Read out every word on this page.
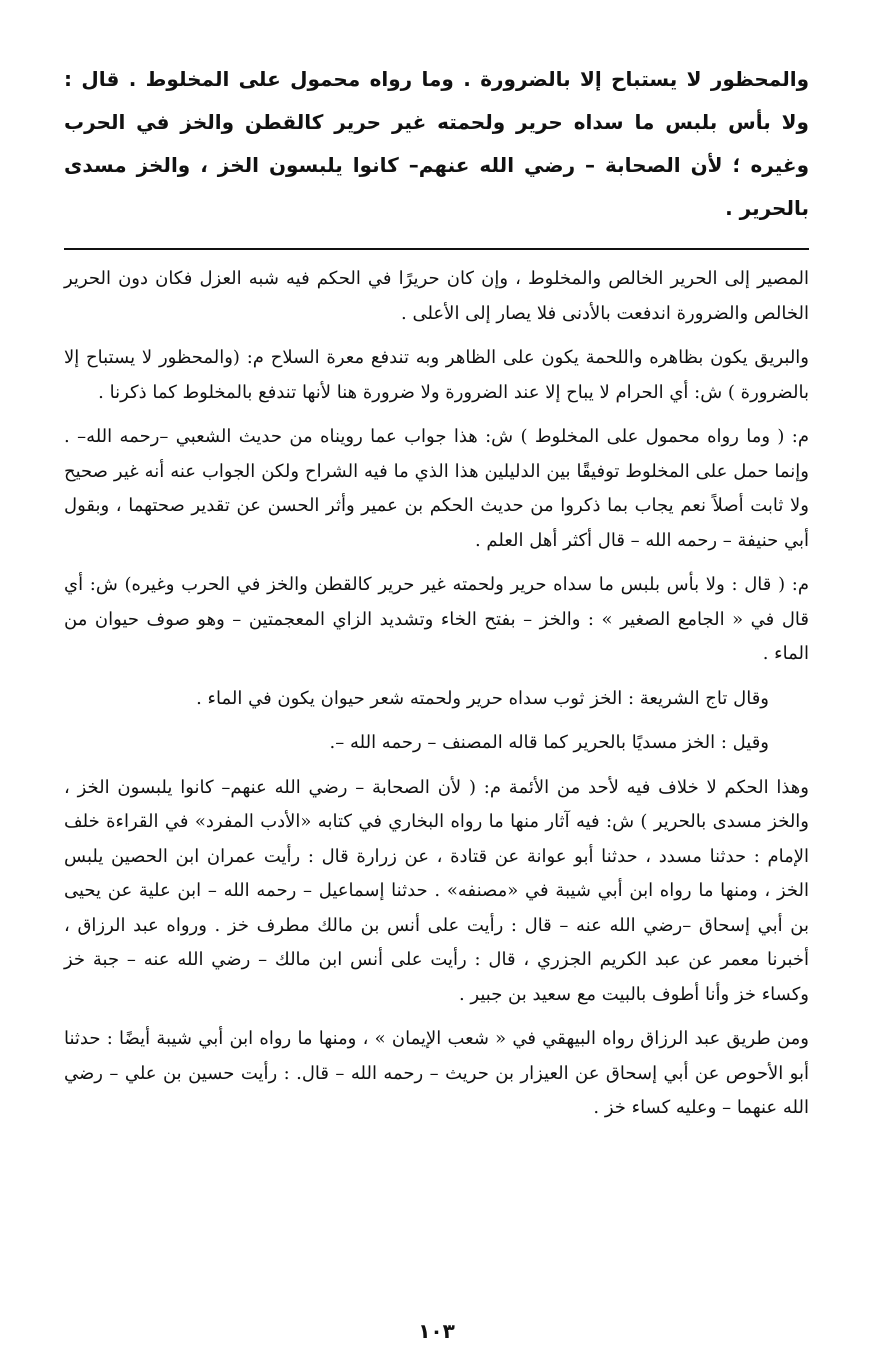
والمحظور لا يستباح إلا بالضرورة . وما رواه محمول على المخلوط . قال : ولا بأس بلبس ما سداه حرير ولحمته غير حرير كالقطن والخز في الحرب وغيره ؛ لأن الصحابة – رضي الله عنهم– كانوا يلبسون الخز ، والخز مسدى بالحرير .

المصير إلى الحرير الخالص والمخلوط ، وإن كان حريرًا في الحكم فيه شبه العزل فكان دون الحرير الخالص والضرورة اندفعت بالأدنى فلا يصار إلى الأعلى .

والبريق يكون بظاهره واللحمة يكون على الظاهر وبه تندفع معرة السلاح م: (والمحظور لا يستباح إلا بالضرورة ) ش: أي الحرام لا يباح إلا عند الضرورة ولا ضرورة هنا لأنها تندفع بالمخلوط كما ذكرنا .

م: ( وما رواه محمول على المخلوط ) ش: هذا جواب عما رويناه من حديث الشعبي –رحمه الله– . وإنما حمل على المخلوط توفيقًا بين الدليلين هذا الذي ما فيه الشراح ولكن الجواب عنه أنه غير صحيح ولا ثابت أصلاً نعم يجاب بما ذكروا من حديث الحكم بن عمير وأثر الحسن عن تقدير صحتهما ، وبقول أبي حنيفة – رحمه الله – قال أكثر أهل العلم .

م: ( قال : ولا بأس بلبس ما سداه حرير ولحمته غير حرير كالقطن والخز في الحرب وغيره) ش: أي قال في « الجامع الصغير » : والخز – بفتح الخاء وتشديد الزاي المعجمتين – وهو صوف حيوان من الماء .

وقال تاج الشريعة : الخز ثوب سداه حرير ولحمته شعر حيوان يكون في الماء .

وقيل : الخز مسديًا بالحرير كما قاله المصنف – رحمه الله –.

وهذا الحكم لا خلاف فيه لأحد من الأئمة م: ( لأن الصحابة – رضي الله عنهم– كانوا يلبسون الخز ، والخز مسدى بالحرير ) ش: فيه آثار منها ما رواه البخاري في كتابه «الأدب المفرد» في القراءة خلف الإمام : حدثنا مسدد ، حدثنا أبو عوانة عن قتادة ، عن زرارة قال : رأيت عمران ابن الحصين يلبس الخز ، ومنها ما رواه ابن أبي شيبة في «مصنفه» . حدثنا إسماعيل – رحمه الله – ابن علية عن يحيى بن أبي إسحاق –رضي الله عنه – قال : رأيت على أنس بن مالك مطرف خز . ورواه عبد الرزاق ، أخبرنا معمر عن عبد الكريم الجزري ، قال : رأيت على أنس ابن مالك – رضي الله عنه – جبة خز وكساء خز وأنا أطوف بالبيت مع سعيد بن جبير .

ومن طريق عبد الرزاق رواه البيهقي في « شعب الإيمان » ، ومنها ما رواه ابن أبي شيبة أيضًا : حدثنا أبو الأحوص عن أبي إسحاق عن العيزار بن حريث – رحمه الله – قال. : رأيت حسين بن علي – رضي الله عنهما – وعليه كساء خز .

١٠٣
